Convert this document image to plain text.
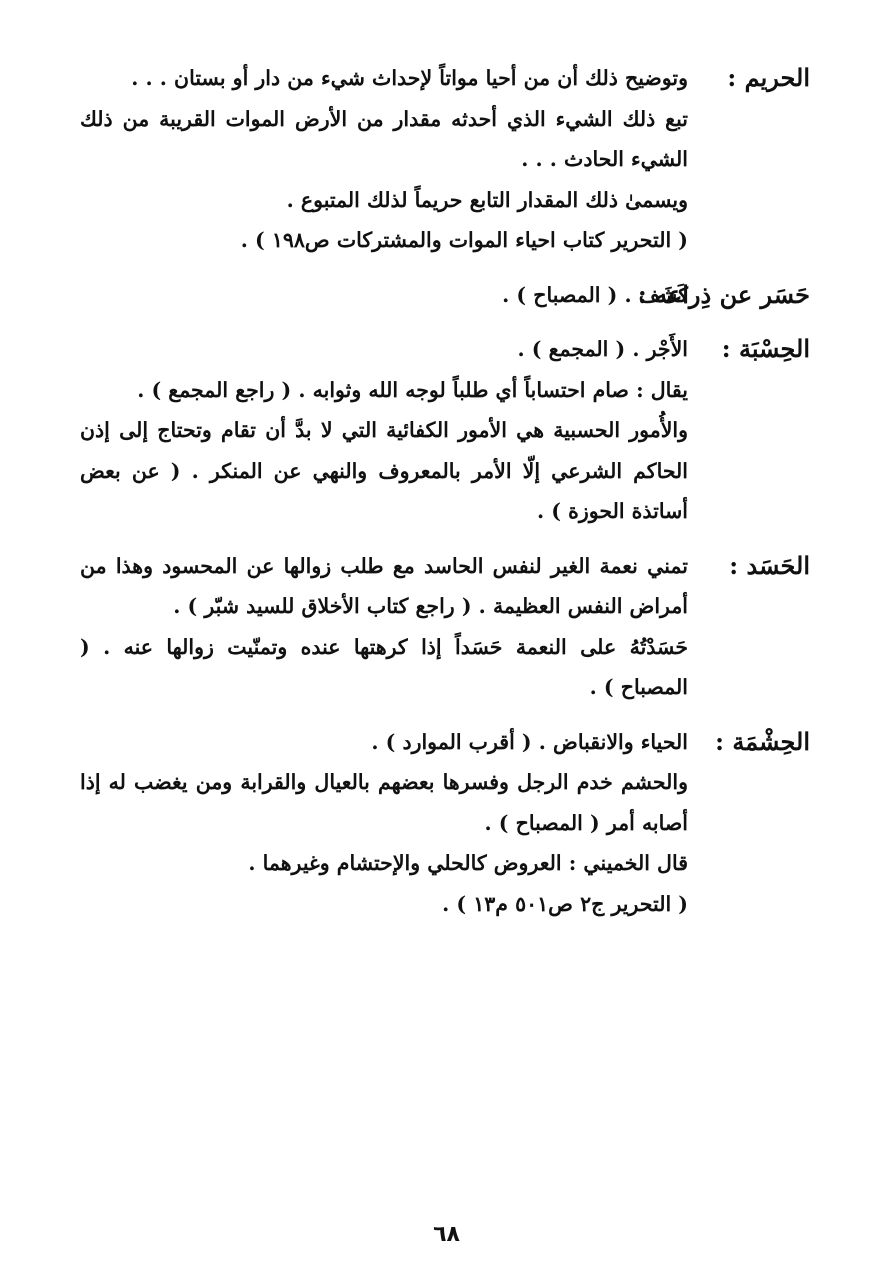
الحريم :

وتوضيح ذلك أن من أحيا مواتاً لإحداث شيء من دار أو بستان . . .

تبع ذلك الشيء الذي أحدثه مقدار من الأرض الموات القريبة من ذلك الشيء الحادث . . .

ويسمىٰ ذلك المقدار التابع حريماً لذلك المتبوع .

( التحرير كتاب احياء الموات والمشتركات ص١٩٨ ) .

حَسَر عن ذِراعه :

كَشَف . ( المصباح ) .

الحِسْبَة :

الأَجْر . ( المجمع ) .

يقال : صام احتساباً أي طلباً لوجه الله وثوابه . ( راجع المجمع ) .

والأُمور الحسبية هي الأمور الكفائية التي لا بدَّ أن تقام وتحتاج إلى إذن الحاكم الشرعي إلّا الأمر بالمعروف والنهي عن المنكر . ( عن بعض أساتذة الحوزة ) .

الحَسَد :

تمني نعمة الغير لنفس الحاسد مع طلب زوالها عن المحسود وهذا من أمراض النفس العظيمة . ( راجع كتاب الأخلاق للسيد شبّر ) .

حَسَدْتُهُ على النعمة حَسَداً إذا كرهتها عنده وتمنّيت زوالها عنه . ( المصباح ) .

الحِشْمَة :

الحياء والانقباض . ( أقرب الموارد ) .

والحشم خدم الرجل وفسرها بعضهم بالعيال والقرابة ومن يغضب له إذا أصابه أمر ( المصباح ) .

قال الخميني : العروض كالحلي والإحتشام وغيرهما .

( التحرير ج٢ ص٥٠١ م١٣ ) .

٦٨
